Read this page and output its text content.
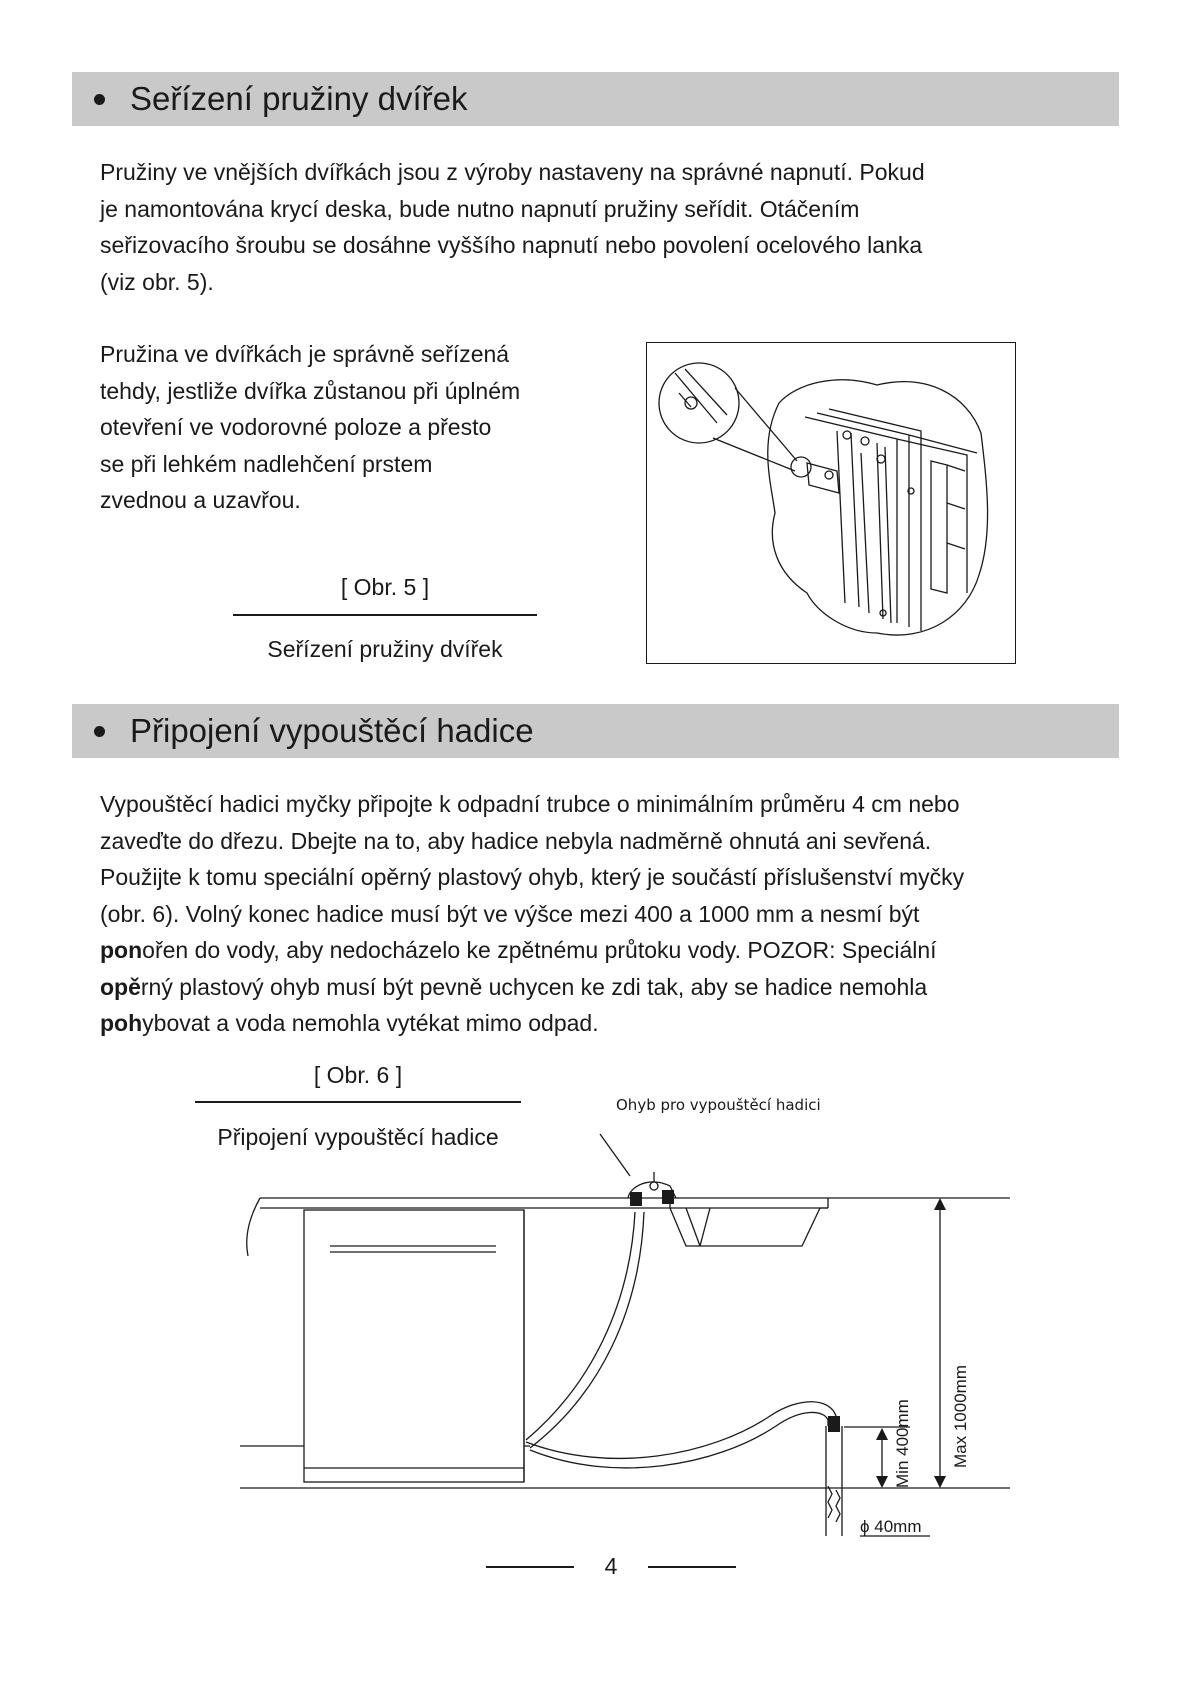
Seřízení pružiny dvířek
Pružiny ve vnějších dvířkách jsou z výroby nastaveny na správné napnutí. Pokud
je namontována krycí deska, bude nutno napnutí pružiny seřídit. Otáčením
seřizovacího šroubu se dosáhne vyššího napnutí nebo povolení ocelového lanka
(viz obr. 5).
Pružina ve dvířkách je správně seřízená
tehdy, jestliže dvířka zůstanou při úplném
otevření ve vodorovné poloze a přesto
se při lehkém nadlehčení prstem
zvednou a uzavřou.
[ Obr. 5 ]
Seřízení pružiny dvířek
Připojení vypouštěcí hadice
Vypouštěcí hadici myčky připojte k odpadní trubce o minimálním průměru 4 cm nebo
zaveďte do dřezu. Dbejte na to, aby hadice nebyla nadměrně ohnutá ani sevřená.
Použijte k tomu speciální opěrný plastový ohyb, který je součástí příslušenství myčky
(obr. 6). Volný konec hadice musí být ve výšce mezi 400 a 1000 mm a nesmí být
ponořen do vody, aby nedocházelo ke zpětnému průtoku vody. POZOR: Speciální
opěrný plastový ohyb musí být pevně uchycen ke zdi tak, aby se hadice nemohla
pohybovat a voda nemohla vytékat mimo odpad.
[ Obr. 6 ]
Připojení vypouštěcí hadice
Ohyb pro vypouštěcí hadici
Max 1000mm
Min 400mm
ϕ 40mm
4
